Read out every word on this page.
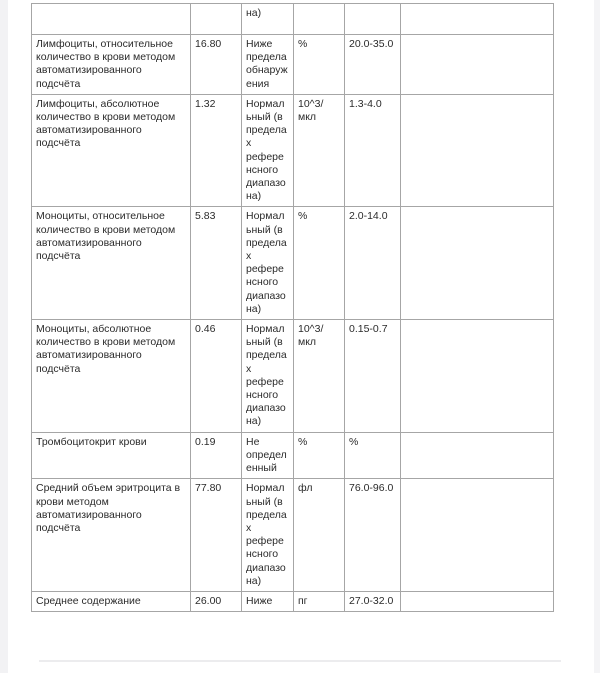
		на)			
Лимфоциты, относительное количество в крови методом автоматизированного подсчёта	16.80	Ниже предела обнаружения	%	20.0-35.0	
Лимфоциты, абсолютное количество в крови методом автоматизированного подсчёта	1.32	Нормальный (в пределах референсного диапазона)	10^3/мкл	1.3-4.0	
Моноциты, относительное количество в крови методом автоматизированного подсчёта	5.83	Нормальный (в пределах референсного диапазона)	%	2.0-14.0	
Моноциты, абсолютное количество в крови методом автоматизированного подсчёта	0.46	Нормальный (в пределах референсного диапазона)	10^3/мкл	0.15-0.7	
Тромбоцитокрит крови	0.19	Не определенный	%	%	
Средний объем эритроцита в крови методом автоматизированного подсчёта	77.80	Нормальный (в пределах референсного диапазона)	фл	76.0-96.0	
Среднее содержание	26.00	Ниже	пг	27.0-32.0	
